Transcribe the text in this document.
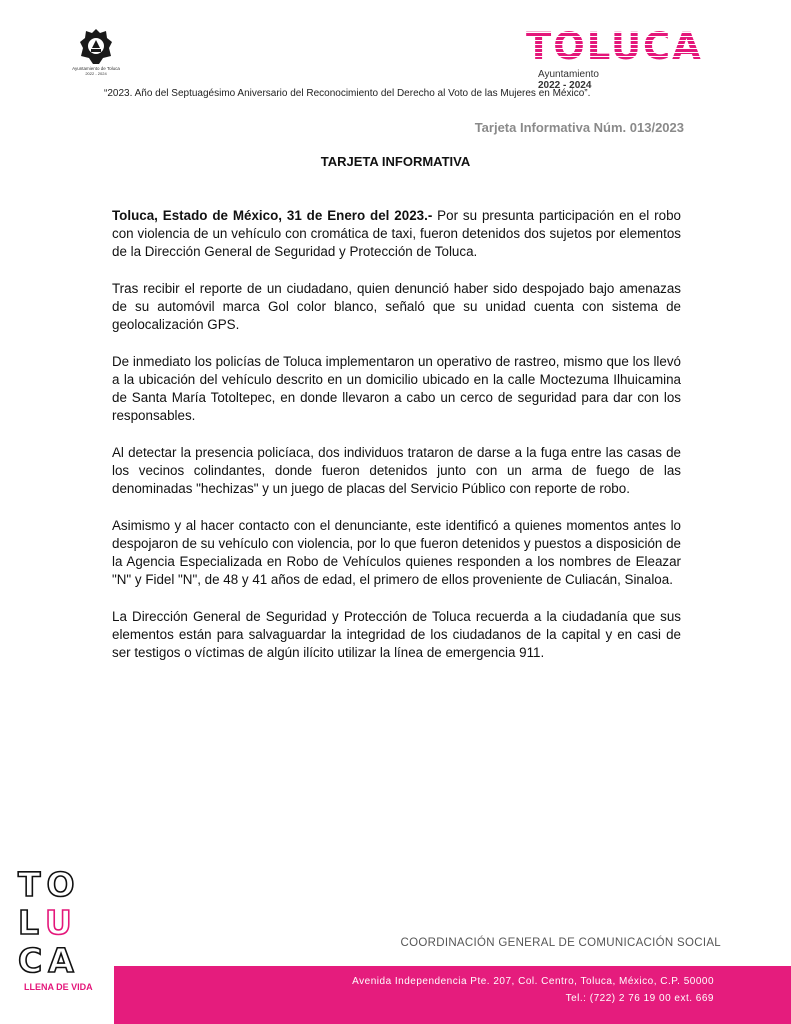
Ayuntamiento de Toluca
2022 - 2024
TOLUCA
Ayuntamiento
2022 - 2024
“2023. Año del Septuagésimo Aniversario del Reconocimiento del Derecho al Voto de las Mujeres en México”.
Tarjeta Informativa Núm. 013/2023
TARJETA INFORMATIVA

Toluca, Estado de México, 31 de Enero del 2023.- Por su presunta participación en el robo con violencia de un vehículo con cromática de taxi, fueron detenidos dos sujetos por elementos de la Dirección General de Seguridad y Protección de Toluca.

Tras recibir el reporte de un ciudadano, quien denunció haber sido despojado bajo amenazas de su automóvil marca Gol color blanco, señaló que su unidad cuenta con sistema de geolocalización GPS.

De inmediato los policías de Toluca implementaron un operativo de rastreo, mismo que los llevó a la ubicación del vehículo descrito en un domicilio ubicado en la calle Moctezuma Ilhuicamina de Santa María Totoltepec, en donde llevaron a cabo un cerco de seguridad para dar con los responsables.

Al detectar la presencia policíaca, dos individuos trataron de darse a la fuga entre las casas de los vecinos colindantes, donde fueron detenidos junto con un arma de fuego de las denominadas "hechizas" y un juego de placas del Servicio Público con reporte de robo.

Asimismo y al hacer contacto con el denunciante, este identificó a quienes momentos antes lo despojaron de su vehículo con violencia, por lo que fueron detenidos y puestos a disposición de la Agencia Especializada en Robo de Vehículos quienes responden a los nombres de Eleazar "N" y Fidel "N", de 48 y 41 años de edad, el primero de ellos proveniente de Culiacán, Sinaloa.

La Dirección General de Seguridad y Protección de Toluca recuerda a la ciudadanía que sus elementos están para salvaguardar la integridad de los ciudadanos de la capital y en casi de ser testigos o víctimas de algún ilícito utilizar la línea de emergencia 911.

T O
L U
C A
LLENA DE VIDA
COORDINACIÓN GENERAL DE COMUNICACIÓN SOCIAL
Avenida Independencia Pte. 207, Col. Centro, Toluca, México, C.P. 50000
Tel.: (722) 2 76 19 00 ext. 669
